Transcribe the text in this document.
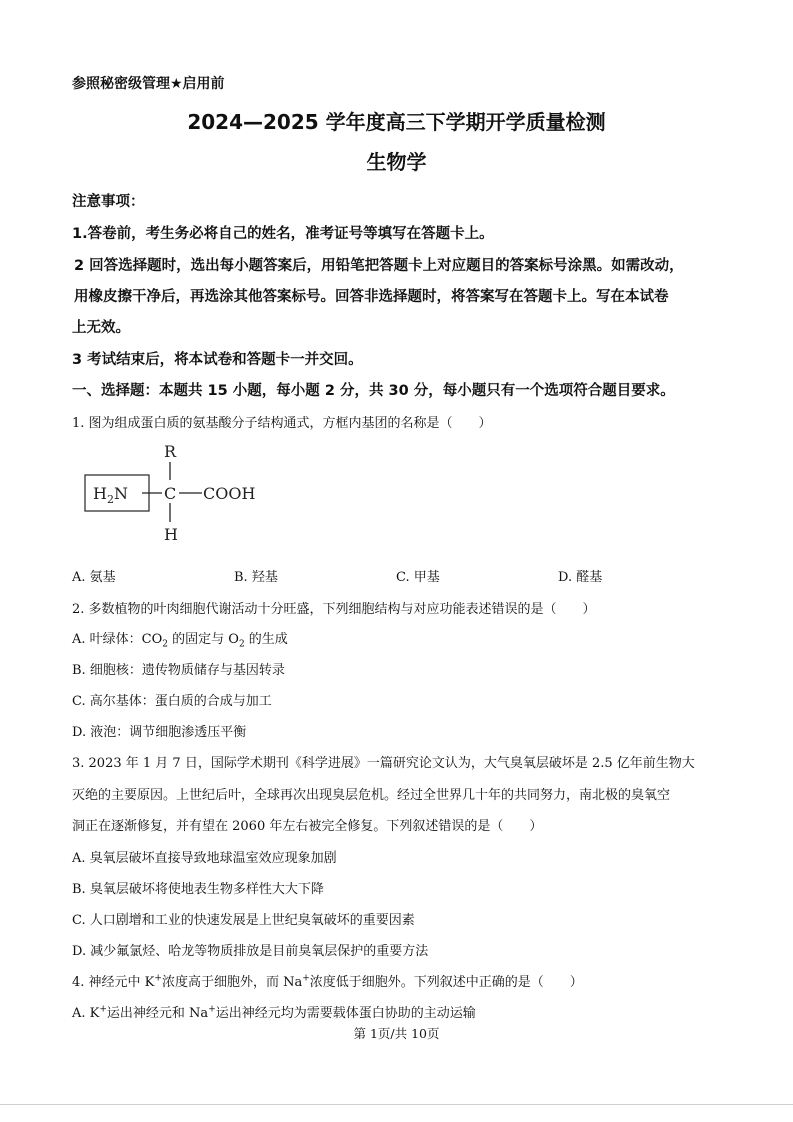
参照秘密级管理★启用前
2024—2025 学年度高三下学期开学质量检测
生物学
注意事项：
1.答卷前，考生务必将自己的姓名，准考证号等填写在答题卡上。
2 回答选择题时，选出每小题答案后，用铅笔把答题卡上对应题目的答案标号涂黑。如需改动，
用橡皮擦干净后，再选涂其他答案标号。回答非选择题时，将答案写在答题卡上。写在本试卷
上无效。
3 考试结束后，将本试卷和答题卡一并交回。
一、选择题：本题共 15 小题，每小题 2 分，共 30 分，每小题只有一个选项符合题目要求。
1. 图为组成蛋白质的氨基酸分子结构通式，方框内基团的名称是（　　）
R
$H_2N$ C COOH
H
A. 氨基	B. 羟基	C. 甲基	D. 醛基
2. 多数植物的叶肉细胞代谢活动十分旺盛，下列细胞结构与对应功能表述错误的是（　　）
A. 叶绿体：$CO_2$ 的固定与 $O_2$ 的生成
B. 细胞核：遗传物质储存与基因转录
C. 高尔基体：蛋白质的合成与加工
D. 液泡：调节细胞渗透压平衡
3. 2023 年 1 月 7 日，国际学术期刊《科学进展》一篇研究论文认为，大气臭氧层破坏是 2.5 亿年前生物大
灭绝的主要原因。上世纪后叶，全球再次出现臭层危机。经过全世界几十年的共同努力，南北极的臭氧空
洞正在逐渐修复，并有望在 2060 年左右被完全修复。下列叙述错误的是（　　）
A. 臭氧层破坏直接导致地球温室效应现象加剧
B. 臭氧层破坏将使地表生物多样性大大下降
C. 人口剧增和工业的快速发展是上世纪臭氧破坏的重要因素
D. 减少氟氯烃、哈龙等物质排放是目前臭氧层保护的重要方法
4. 神经元中 K+浓度高于细胞外，而 Na+浓度低于细胞外。下列叙述中正确的是（　　）
A. K+运出神经元和 Na+运出神经元均为需要载体蛋白协助的主动运输
第 1页/共 10页
